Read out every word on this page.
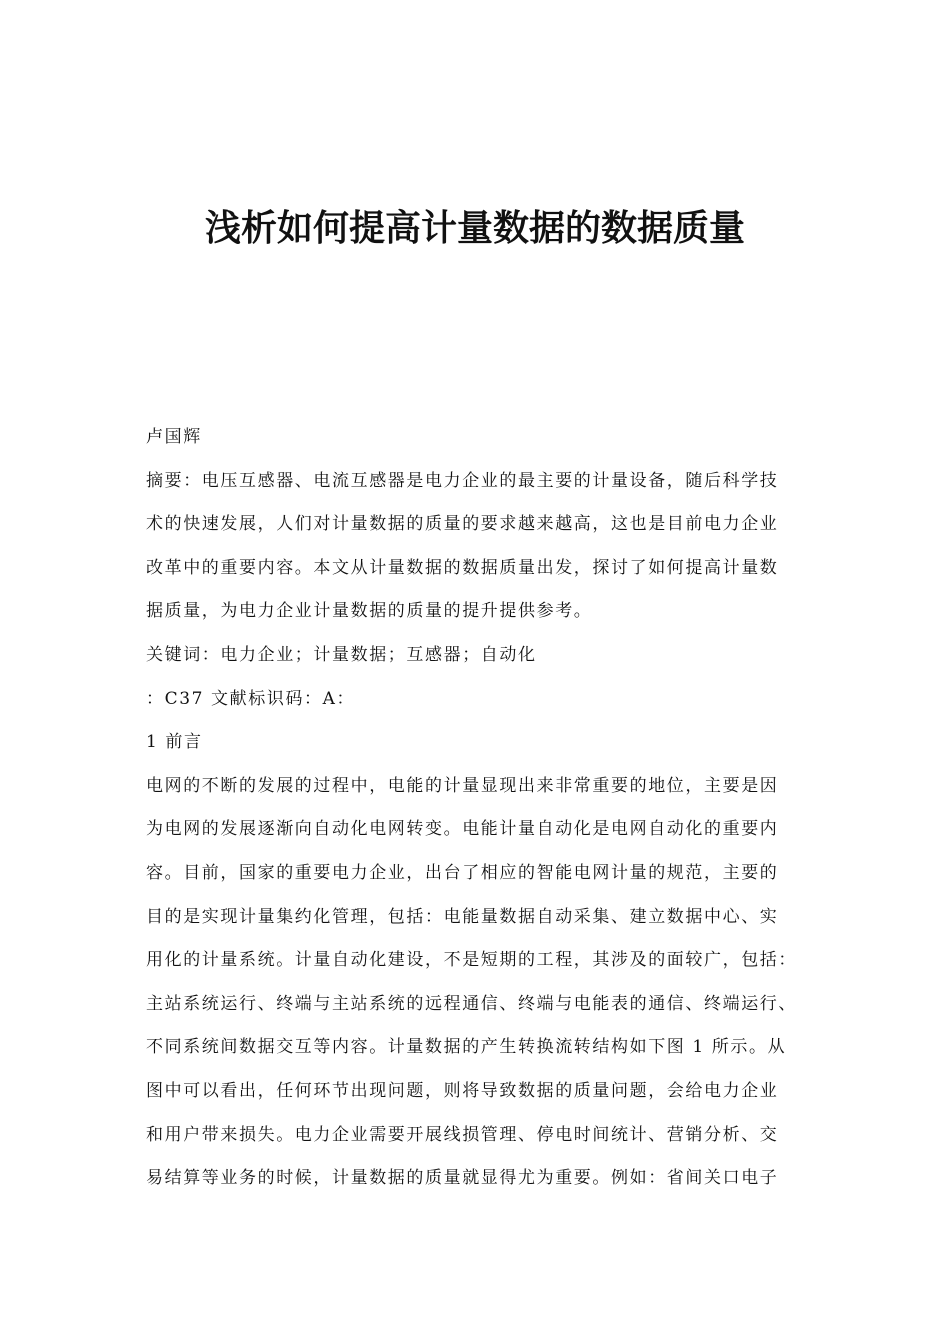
浅析如何提高计量数据的数据质量

卢国辉

摘要：电压互感器、电流互感器是电力企业的最主要的计量设备，随后科学技

术的快速发展，人们对计量数据的质量的要求越来越高，这也是目前电力企业

改革中的重要内容。本文从计量数据的数据质量出发，探讨了如何提高计量数

据质量，为电力企业计量数据的质量的提升提供参考。

关键词：电力企业；计量数据；互感器；自动化

：C37 文献标识码：A：

1 前言

电网的不断的发展的过程中，电能的计量显现出来非常重要的地位，主要是因

为电网的发展逐渐向自动化电网转变。电能计量自动化是电网自动化的重要内

容。目前，国家的重要电力企业，出台了相应的智能电网计量的规范，主要的

目的是实现计量集约化管理，包括：电能量数据自动采集、建立数据中心、实

用化的计量系统。计量自动化建设，不是短期的工程，其涉及的面较广，包括：

主站系统运行、终端与主站系统的远程通信、终端与电能表的通信、终端运行、

不同系统间数据交互等内容。计量数据的产生转换流转结构如下图 1 所示。从

图中可以看出，任何环节出现问题，则将导致数据的质量问题，会给电力企业

和用户带来损失。电力企业需要开展线损管理、停电时间统计、营销分析、交

易结算等业务的时候，计量数据的质量就显得尤为重要。例如：省间关口电子
